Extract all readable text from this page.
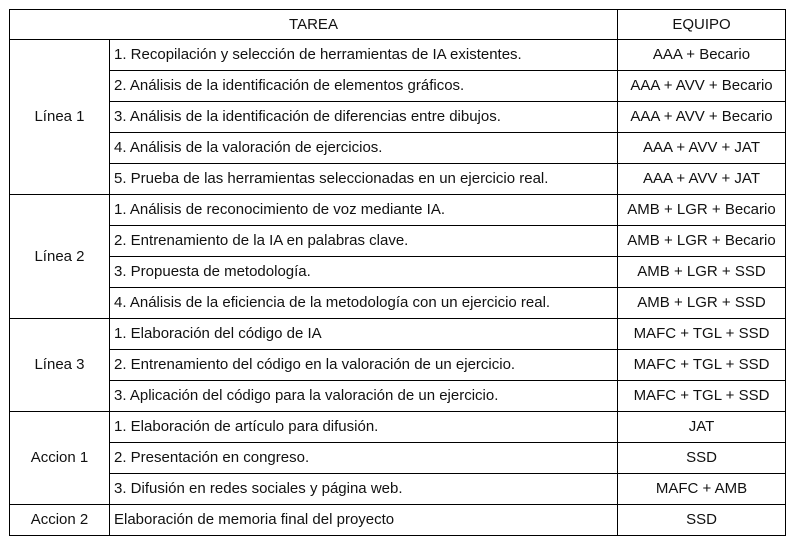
TAREA		EQUIPO
Línea 1	1. Recopilación y selección de herramientas de IA existentes.	AAA + Becario
	2. Análisis de la identificación de elementos gráficos.	AAA + AVV + Becario
	3. Análisis de la identificación de diferencias entre dibujos.	AAA + AVV + Becario
	4. Análisis de la valoración de ejercicios.	AAA + AVV + JAT
	5. Prueba de las herramientas seleccionadas en un ejercicio real.	AAA + AVV + JAT
Línea 2	1. Análisis de reconocimiento de voz mediante IA.	AMB + LGR + Becario
	2. Entrenamiento de la IA en palabras clave.	AMB + LGR + Becario
	3. Propuesta de metodología.	AMB + LGR + SSD
	4. Análisis de la eficiencia de la metodología con un ejercicio real.	AMB + LGR + SSD
Línea 3	1. Elaboración del código de IA	MAFC + TGL + SSD
	2. Entrenamiento del código en la valoración de un ejercicio.	MAFC + TGL + SSD
	3. Aplicación del código para la valoración de un ejercicio.	MAFC + TGL + SSD
Accion 1	1. Elaboración de artículo para difusión.	JAT
	2. Presentación en congreso.	SSD
	3. Difusión en redes sociales y página web.	MAFC + AMB
Accion 2	Elaboración de memoria final del proyecto	SSD
